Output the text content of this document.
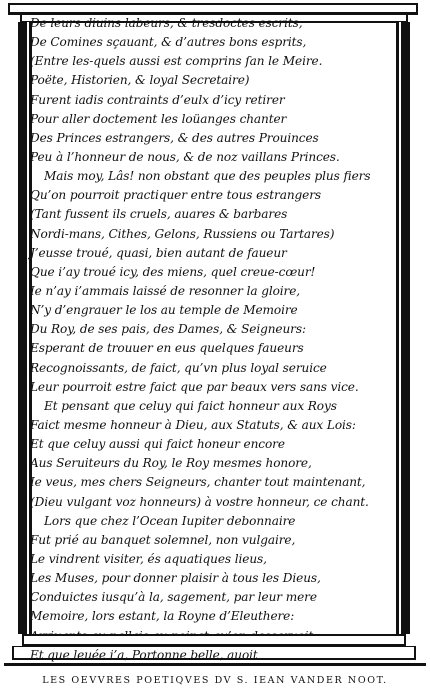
De leurs diuins labeurs, & tresdoctes escrits,
De Comines sçauant, & d’autres bons esprits,
(Entre les-quels aussi est comprins ſan le Meire.
Poëte, Historien, & loyal Secretaire)
Furent iadis contraints d’eulx d’icy retirer
Pour aller doctement les loüanges chanter
Des Princes estrangers, & des autres Prouinces
Peu à l’honneur de nous, & de noz vaillans Princes.
Mais moy, Lâs! non obstant que des peuples plus fiers
Qu’on pourroit practiquer entre tous estrangers
(Tant fussent ils cruels, auares & barbares
Nordi-mans, Cithes, Gelons, Russiens ou Tartares)
J’eusse troué, quasi, bien autant de faueur
Que i’ay troué icy, des miens, quel creue-cœur!
Ie n’ay i’ammais laissé de resonner la gloire,
N’y d’engrauer le los au temple de Memoire
Du Roy, de ses pais, des Dames, & Seigneurs:
Esperant de trouuer en eus quelques faueurs
Recognoissants, de faict, qu’vn plus loyal seruice
Leur pourroit estre faict que par beaux vers sans vice.
Et pensant que celuy qui faict honneur aux Roys
Faict mesme honneur à Dieu, aux Statuts, & aux Lois:
Et que celuy aussi qui faict honeur encore
Aus Seruiteurs du Roy, le Roy mesmes honore,
Ie veus, mes chers Seigneurs, chanter tout maintenant,
(Dieu vulgant voz honneurs) à vostre honneur, ce chant.
Lors que chez l’Ocean Iupiter debonnaire
Fut prié au banquet solemnel, non vulgaire,
Le vindrent visiter, és aquatiques lieus,
Les Muses, pour donner plaisir à tous les Dieus,
Conduictes iusqu’à la, sagement, par leur mere
Memoire, lors estant, la Royne d’Eleuthere:
Et que leuée i’a, Portonne belle, auoit
LES OEVVRES POETIQVES DV S. IEAN VANDER NOOT.
